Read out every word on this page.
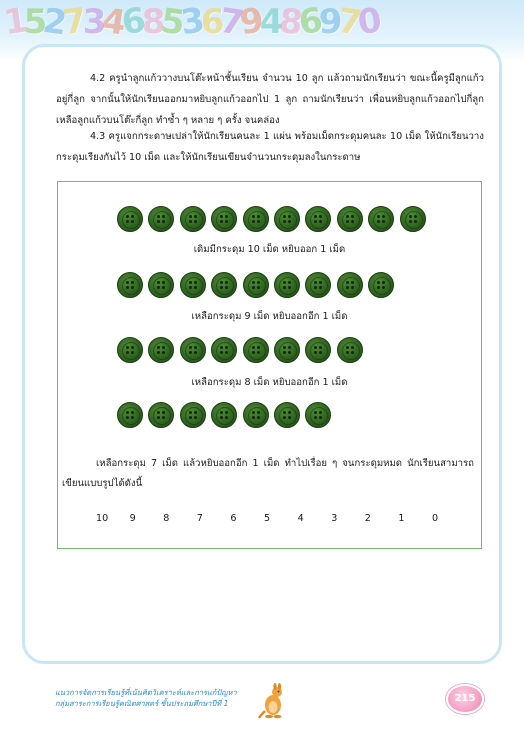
1527346853679486970

4.2 ครูนำลูกแก้ววางบนโต๊ะหน้าชั้นเรียน จำนวน 10 ลูก แล้วถามนักเรียนว่า ขณะนี้ครูมีลูกแก้วอยู่กี่ลูก จากนั้นให้นักเรียนออกมาหยิบลูกแก้วออกไป 1 ลูก ถามนักเรียนว่า เพื่อนหยิบลูกแก้วออกไปกี่ลูก เหลือลูกแก้วบนโต๊ะกี่ลูก ทำซ้ำ ๆ หลาย ๆ ครั้ง จนคล่อง

4.3 ครูแจกกระดาษเปล่าให้นักเรียนคนละ 1 แผ่น พร้อมเม็ดกระดุมคนละ 10 เม็ด ให้นักเรียนวางกระดุมเรียงกันไว้ 10 เม็ด และให้นักเรียนเขียนจำนวนกระดุมลงในกระดาษ

เดิมมีกระดุม 10 เม็ด หยิบออก 1 เม็ด
เหลือกระดุม 9 เม็ด หยิบออกอีก 1 เม็ด
เหลือกระดุม 8 เม็ด หยิบออกอีก 1 เม็ด

เหลือกระดุม 7 เม็ด แล้วหยิบออกอีก 1 เม็ด ทำไปเรื่อย ๆ จนกระดุมหมด นักเรียนสามารถเขียนแบบรูปได้ดังนี้

10 9	8	7	6	5	4	3	2	1	0
แนวการจัดการเรียนรู้ที่เน้นคิดวิเคราะห์และการแก้ปัญหา
กลุ่มสาระการเรียนรู้คณิตศาสตร์ ชั้นประถมศึกษาปีที่ 1	215
